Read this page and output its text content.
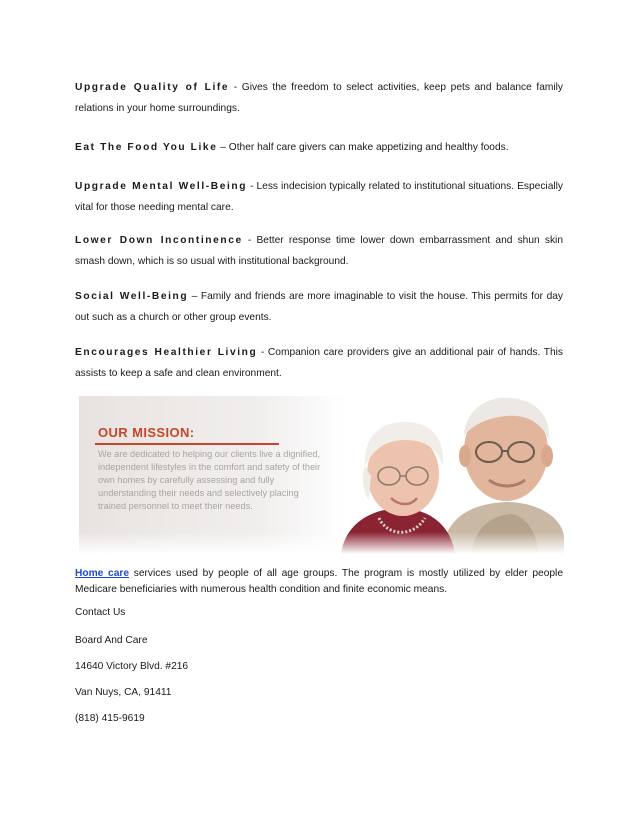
Upgrade Quality of Life - Gives the freedom to select activities, keep pets and balance family relations in your home surroundings.

Eat The Food You Like – Other half care givers can make appetizing and healthy foods.

Upgrade Mental Well-Being - Less indecision typically related to institutional situations. Especially vital for those needing mental care.

Lower Down Incontinence - Better response time lower down embarrassment and shun skin smash down, which is so usual with institutional background.

Social Well-Being – Family and friends are more imaginable to visit the house. This permits for day out such as a church or other group events.

Encourages Healthier Living - Companion care providers give an additional pair of hands. This assists to keep a safe and clean environment.

OUR MISSION:
We are dedicated to helping our clients live a dignified, independent lifestyles in the comfort and safety of their own homes by carefully assessing and fully understanding their needs and selectively placing trained personnel to meet their needs.

Home care services used by people of all age groups. The program is mostly utilized by elder people Medicare beneficiaries with numerous health condition and finite economic means.

Contact Us

Board And Care

14640 Victory Blvd. #216

Van Nuys, CA, 91411

(818) 415-9619
